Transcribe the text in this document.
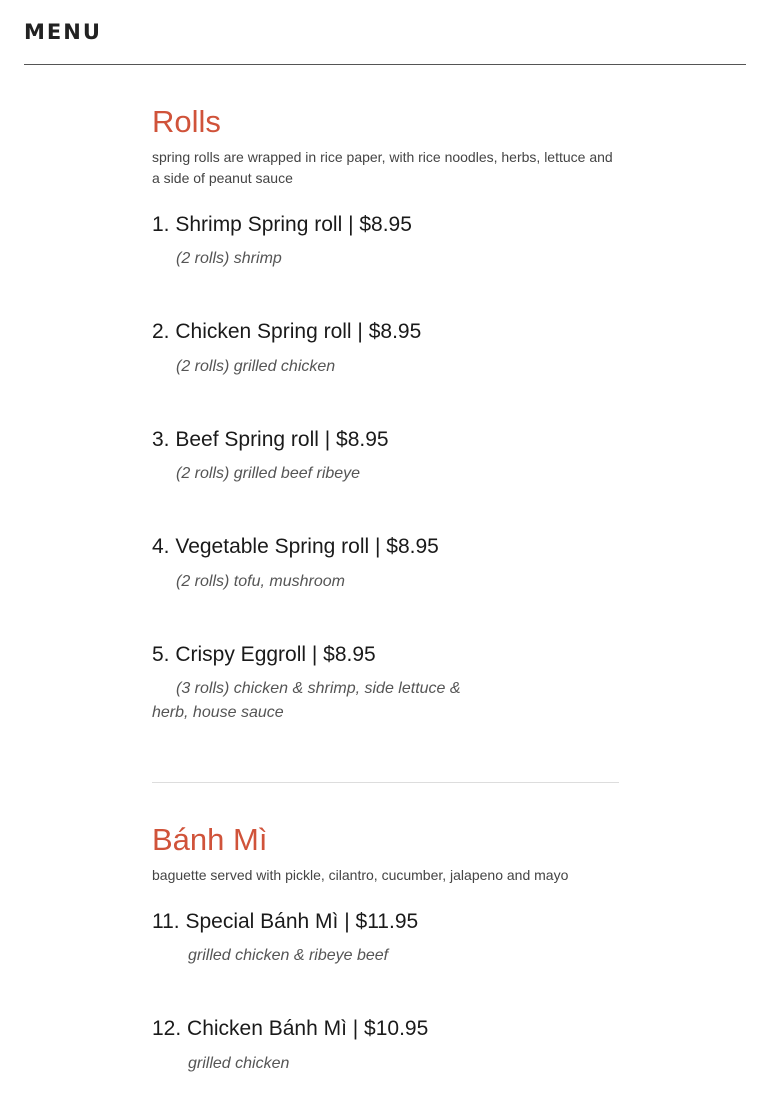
MENU
Rolls
spring rolls are wrapped in rice paper, with rice noodles, herbs, lettuce and a side of peanut sauce
1. Shrimp Spring roll | $8.95
(2 rolls) shrimp
2. Chicken Spring roll | $8.95
(2 rolls) grilled chicken
3. Beef Spring roll | $8.95
(2 rolls) grilled beef ribeye
4. Vegetable Spring roll | $8.95
(2 rolls) tofu, mushroom
5. Crispy Eggroll | $8.95
(3 rolls) chicken & shrimp, side lettuce & herb, house sauce
Bánh Mì
baguette served with pickle, cilantro, cucumber, jalapeno and mayo
11. Special Bánh Mì | $11.95
grilled chicken & ribeye beef
12. Chicken Bánh Mì | $10.95
grilled chicken
